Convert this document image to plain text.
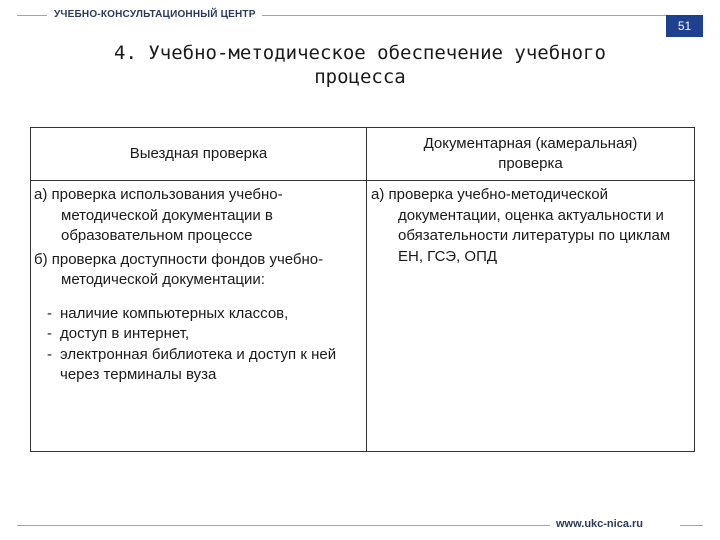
УЧЕБНО-КОНСУЛЬТАЦИОННЫЙ ЦЕНТР
51
4. Учебно-методическое обеспечение учебного
процесса
Выездная проверка
Документарная (камеральная)
проверка

а) проверка использования учебно-методической документации в образовательном процессе

б) проверка доступности фондов учебно-методической документации:

- наличие компьютерных классов,

- доступ в интернет,

- электронная библиотека и доступ к ней через терминалы вуза

а) проверка учебно-методической документации, оценка актуальности и обязательности литературы по циклам ЕН, ГСЭ, ОПД

www.ukc-nica.ru
